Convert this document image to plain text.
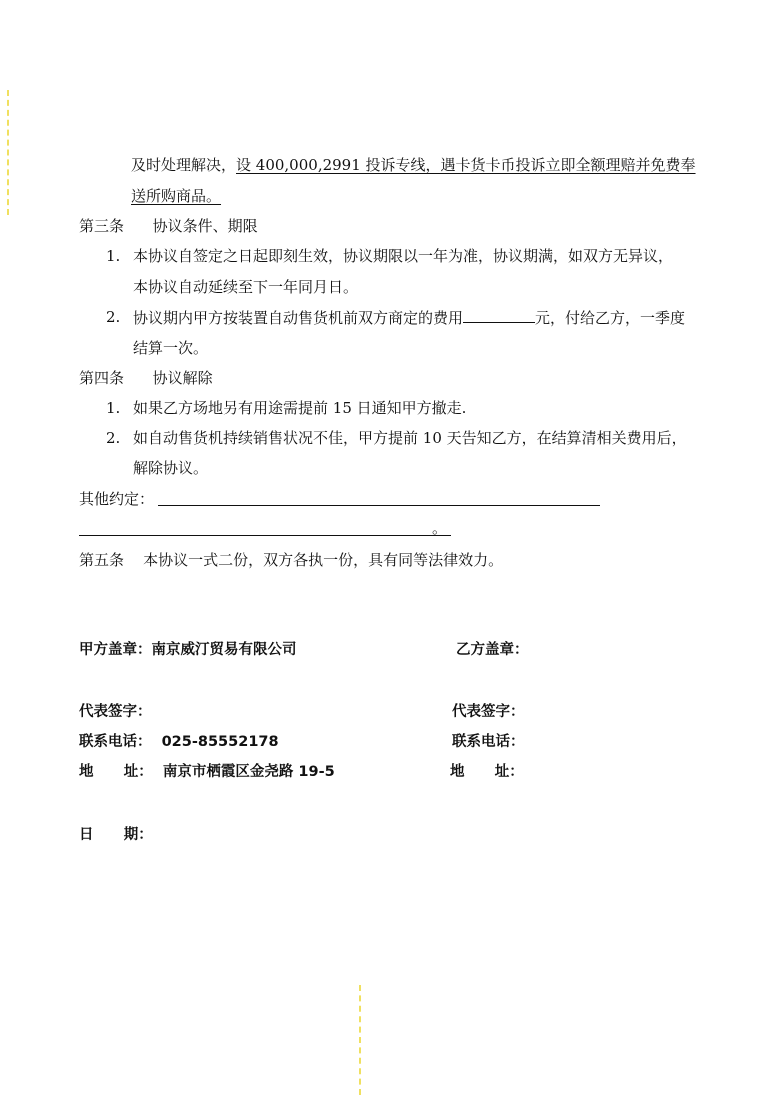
及时处理解决，设 400,000,2991 投诉专线，遇卡货卡币投诉立即全额理赔并免费奉
送所购商品。
第三条      协议条件、期限
1. 本协议自签定之日起即刻生效，协议期限以一年为准，协议期满，如双方无异议，
本协议自动延续至下一年同月日。
2. 协议期内甲方按装置自动售货机前双方商定的费用	元，付给乙方，一季度
结算一次。
第四条      协议解除
1. 如果乙方场地另有用途需提前 15 日通知甲方撤走.
2. 如自动售货机持续销售状况不佳，甲方提前 10 天告知乙方，在结算清相关费用后，
解除协议。
其他约定：
。
第五条    本协议一式二份，双方各执一份，具有同等法律效力。
甲方盖章：南京威汀贸易有限公司	乙方盖章：
代表签字：	代表签字：
联系电话：  025-85552178	联系电话：
地      址：  南京市栖霞区金尧路 19-5	地      址：
日      期：
